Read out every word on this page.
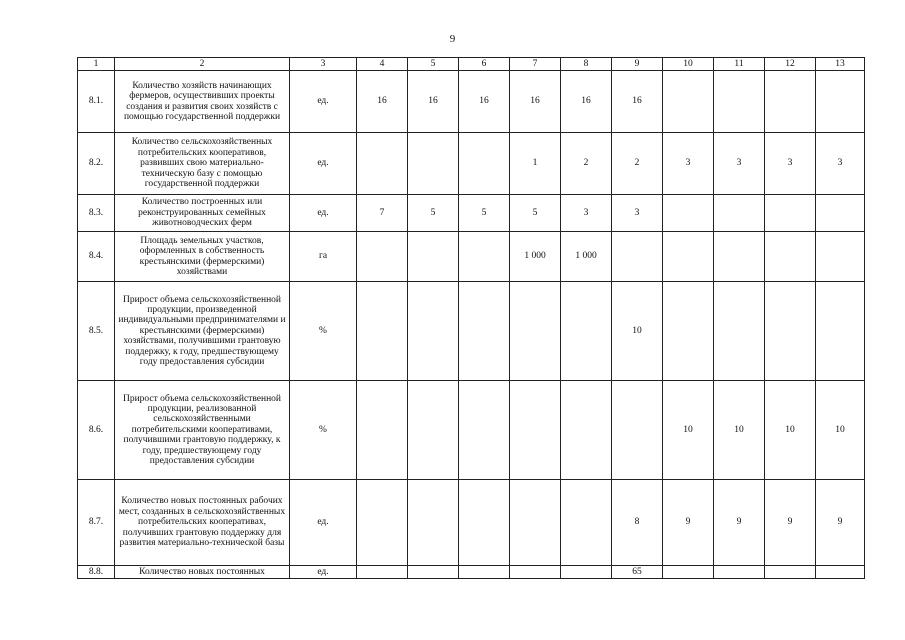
9
1	2	3	4	5	6	7	8	9	10	11	12	13
8.1.	Количество хозяйств начинающих фермеров, осуществивших проекты создания и развития своих хозяйств с помощью государственной поддержки	ед.	16	16	16	16	16	16				
8.2.	Количество сельскохозяйственных потребительских кооперативов, развивших свою материально-техническую базу с помощью государственной поддержки	ед.				1	2	2	3	3	3	3
8.3.	Количество построенных или реконструированных семейных животноводческих ферм	ед.	7	5	5	5	3	3				
8.4.	Площадь земельных участков, оформленных в собственность крестьянскими (фермерскими) хозяйствами	га				1 000	1 000					
8.5.	Прирост объема сельскохозяйственной продукции, произведенной индивидуальными предпринимателями и крестьянскими (фермерскими) хозяйствами, получившими грантовую поддержку, к году, предшествующему году предоставления субсидии	%						10				
8.6.	Прирост объема сельскохозяйственной продукции, реализованной сельскохозяйственными потребительскими кооперативами, получившими грантовую поддержку, к году, предшествующему году предоставления субсидии	%							10	10	10	10
8.7.	Количество новых постоянных рабочих мест, созданных в сельскохозяйственных потребительских кооперативах, получивших грантовую поддержку для развития материально-технической базы	ед.						8	9	9	9	9
8.8.	Количество новых постоянных	ед.						65				
